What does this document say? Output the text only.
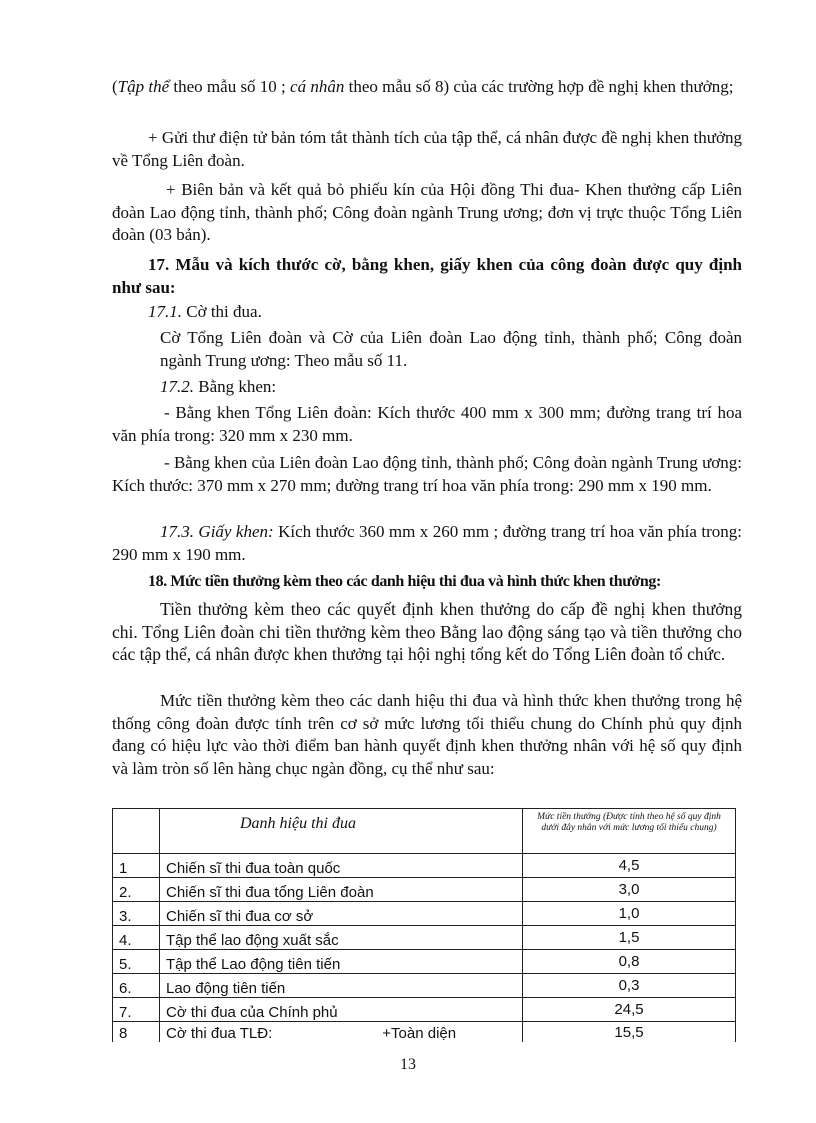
(Tập thể theo mẫu số 10 ; cá nhân theo mẫu số 8) của các trường hợp đề nghị khen thưởng;

+ Gửi thư điện tử bản tóm tắt thành tích của tập thể, cá nhân được đề nghị khen thưởng về Tổng Liên đoàn.

+ Biên bản và kết quả bỏ phiếu kín của Hội đồng Thi đua- Khen thưởng cấp Liên đoàn Lao động tỉnh, thành phố; Công đoàn ngành Trung ương; đơn vị trực thuộc Tổng Liên đoàn (03 bản).

17. Mẫu và kích thước cờ, bằng khen, giấy khen của công đoàn được quy định như sau:

17.1. Cờ thi đua.

Cờ Tổng Liên đoàn và Cờ của Liên đoàn Lao động tỉnh, thành phố; Công đoàn ngành Trung ương: Theo mẫu số 11.

17.2. Bằng khen:

- Bằng khen Tổng Liên đoàn: Kích thước 400 mm x 300 mm; đường trang trí hoa văn phía trong: 320 mm x 230 mm.

- Bằng khen của Liên đoàn Lao động tỉnh, thành phố; Công đoàn ngành Trung ương: Kích thước: 370 mm x 270 mm; đường trang trí hoa văn phía trong: 290 mm x 190 mm.

17.3. Giấy khen: Kích thước 360 mm x 260 mm ; đường trang trí hoa văn phía trong: 290 mm x 190 mm.

18. Mức tiền thưởng kèm theo các danh hiệu thi đua và hình thức khen thưởng:

Tiền thưởng kèm theo các quyết định khen thưởng do cấp đề nghị khen thưởng chi. Tổng Liên đoàn chi tiền thưởng kèm theo Bằng lao động sáng tạo và tiền thưởng cho các tập thể, cá nhân được khen thưởng tại hội nghị tổng kết do Tổng Liên đoàn tổ chức.

Mức tiền thưởng kèm theo các danh hiệu thi đua và hình thức khen thưởng trong hệ thống công đoàn được tính trên cơ sở mức lương tối thiểu chung do Chính phủ quy định đang có hiệu lực vào thời điểm ban hành quyết định khen thưởng nhân với hệ số quy định và làm tròn số lên hàng chục ngàn đồng, cụ thể như sau:

	Danh hiệu thi đua	Mức tiền thưởng (Được tính theo hệ số quy định dưới đây nhân với mức lương tối thiểu chung)
1	Chiến sĩ thi đua toàn quốc	4,5
2.	Chiến sĩ thi đua tổng Liên đoàn	3,0
3.	Chiến sĩ thi đua cơ sở	1,0
4.	Tập thể lao động xuất sắc	1,5
5.	Tập thể Lao động tiên tiến	0,8
6.	Lao động tiên tiến	0,3
7.	Cờ thi đua của Chính phủ	24,5
8	Cờ thi đua TLĐ: +Toàn diện	15,5
13
